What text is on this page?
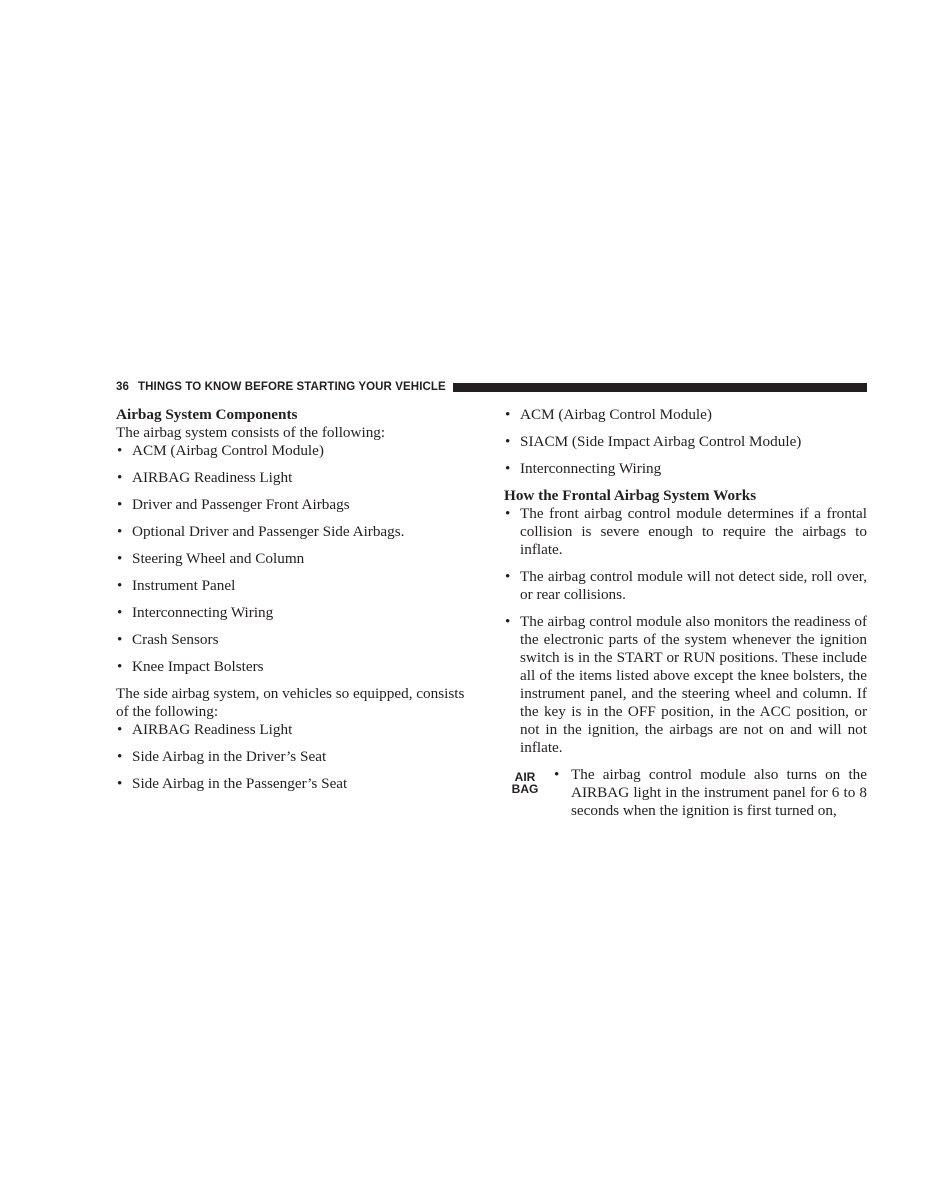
36 THINGS TO KNOW BEFORE STARTING YOUR VEHICLE

Airbag System Components

The airbag system consists of the following:

• ACM (Airbag Control Module)
• AIRBAG Readiness Light
• Driver and Passenger Front Airbags
• Optional Driver and Passenger Side Airbags.
• Steering Wheel and Column
• Instrument Panel
• Interconnecting Wiring
• Crash Sensors
• Knee Impact Bolsters

The side airbag system, on vehicles so equipped, consists of the following:

• AIRBAG Readiness Light
• Side Airbag in the Driver’s Seat
• Side Airbag in the Passenger’s Seat
• ACM (Airbag Control Module)
• SIACM (Side Impact Airbag Control Module)
• Interconnecting Wiring

How the Frontal Airbag System Works

• The front airbag control module determines if a frontal collision is severe enough to require the airbags to inflate.
• The airbag control module will not detect side, roll over, or rear collisions.
• The airbag control module also monitors the readiness of the electronic parts of the system whenever the ignition switch is in the START or RUN positions. These include all of the items listed above except the knee bolsters, the instrument panel, and the steering wheel and column. If the key is in the OFF position, in the ACC position, or not in the ignition, the airbags are not on and will not inflate.
AIR
BAG
• The airbag control module also turns on the AIRBAG light in the instrument panel for 6 to 8 seconds when the ignition is first turned on,
